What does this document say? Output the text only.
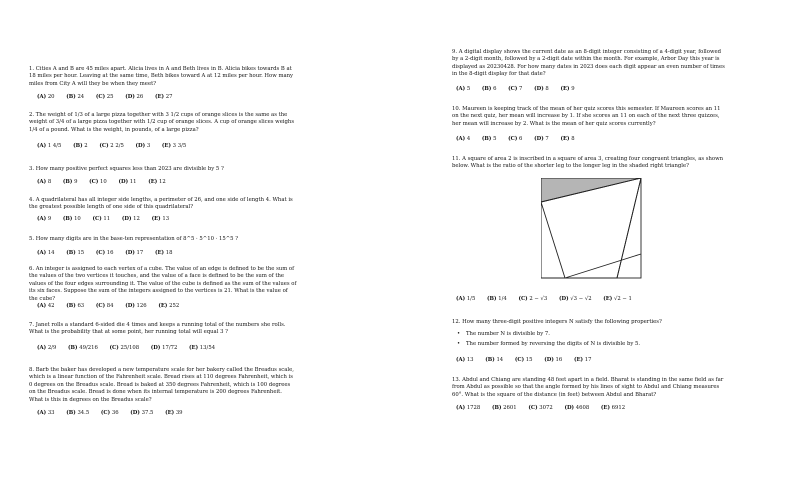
1. Cities A and B are 45 miles apart. Alicia lives in A and Beth lives in B. Alicia bikes towards B at 18 miles per hour. Leaving at the same time, Beth bikes toward A at 12 miles per hour. How many miles from City A will they be when they meet?
(A) 20 (B) 24 (C) 25 (D) 26 (E) 27
2. The weight of 1/3 of a large pizza together with 3 1/2 cups of orange slices is the same as the weight of 3/4 of a large pizza together with 1/2 cup of orange slices. A cup of orange slices weighs 1/4 of a pound. What is the weight, in pounds, of a large pizza?
(A) 1 4/5 (B) 2 (C) 2 2/5 (D) 3 (E) 3 3/5
3. How many positive perfect squares less than 2023 are divisible by 5 ?
(A) 8 (B) 9 (C) 10 (D) 11 (E) 12
4. A quadrilateral has all integer side lengths, a perimeter of 26, and one side of length 4. What is the greatest possible length of one side of this quadrilateral?
(A) 9 (B) 10 (C) 11 (D) 12 (E) 13
5. How many digits are in the base-ten representation of 8^5 · 5^10 · 15^5 ?
(A) 14 (B) 15 (C) 16 (D) 17 (E) 18
6. An integer is assigned to each vertex of a cube. The value of an edge is defined to be the sum of the values of the two vertices it touches, and the value of a face is defined to be the sum of the values of the four edges surrounding it. The value of the cube is defined as the sum of the values of its six faces. Suppose the sum of the integers assigned to the vertices is 21. What is the value of the cube?
(A) 42 (B) 63 (C) 84 (D) 126 (E) 252
7. Janet rolls a standard 6-sided die 4 times and keeps a running total of the numbers she rolls. What is the probability that at some point, her running total will equal 3 ?
(A) 2/9 (B) 49/216 (C) 25/108 (D) 17/72 (E) 13/54
8. Barb the baker has developed a new temperature scale for her bakery called the Breadus scale, which is a linear function of the Fahrenheit scale. Bread rises at 110 degrees Fahrenheit, which is 0 degrees on the Breadus scale. Bread is baked at 350 degrees Fahrenheit, which is 100 degrees on the Breadus scale. Bread is done when its internal temperature is 200 degrees Fahrenheit. What is this in degrees on the Breadus scale?
(A) 33 (B) 34.5 (C) 36 (D) 37.5 (E) 39
9. A digital display shows the current date as an 8-digit integer consisting of a 4-digit year, followed by a 2-digit month, followed by a 2-digit date within the month. For example, Arbor Day this year is displayed as 20230428. For how many dates in 2023 does each digit appear an even number of times in the 8-digit display for that date?
(A) 5 (B) 6 (C) 7 (D) 8 (E) 9
10. Maureen is keeping track of the mean of her quiz scores this semester. If Maureen scores an 11 on the next quiz, her mean will increase by 1. If she scores an 11 on each of the next three quizzes, her mean will increase by 2. What is the mean of her quiz scores currently?
(A) 4 (B) 5 (C) 6 (D) 7 (E) 8
11. A square of area 2 is inscribed in a square of area 3, creating four congruent triangles, as shown below. What is the ratio of the shorter leg to the longer leg in the shaded right triangle?
(A) 1/5 (B) 1/4 (C) 2 − √3 (D) √3 − √2 (E) √2 − 1
12. How many three-digit positive integers N satisfy the following properties?
• The number N is divisible by 7.
• The number formed by reversing the digits of N is divisible by 5.
(A) 13 (B) 14 (C) 15 (D) 16 (E) 17
13. Abdul and Chiang are standing 48 feet apart in a field. Bharat is standing in the same field as far from Abdul as possible so that the angle formed by his lines of sight to Abdul and Chiang measures 60°. What is the square of the distance (in feet) between Abdul and Bharat?
(A) 1728 (B) 2601 (C) 3072 (D) 4608 (E) 6912
